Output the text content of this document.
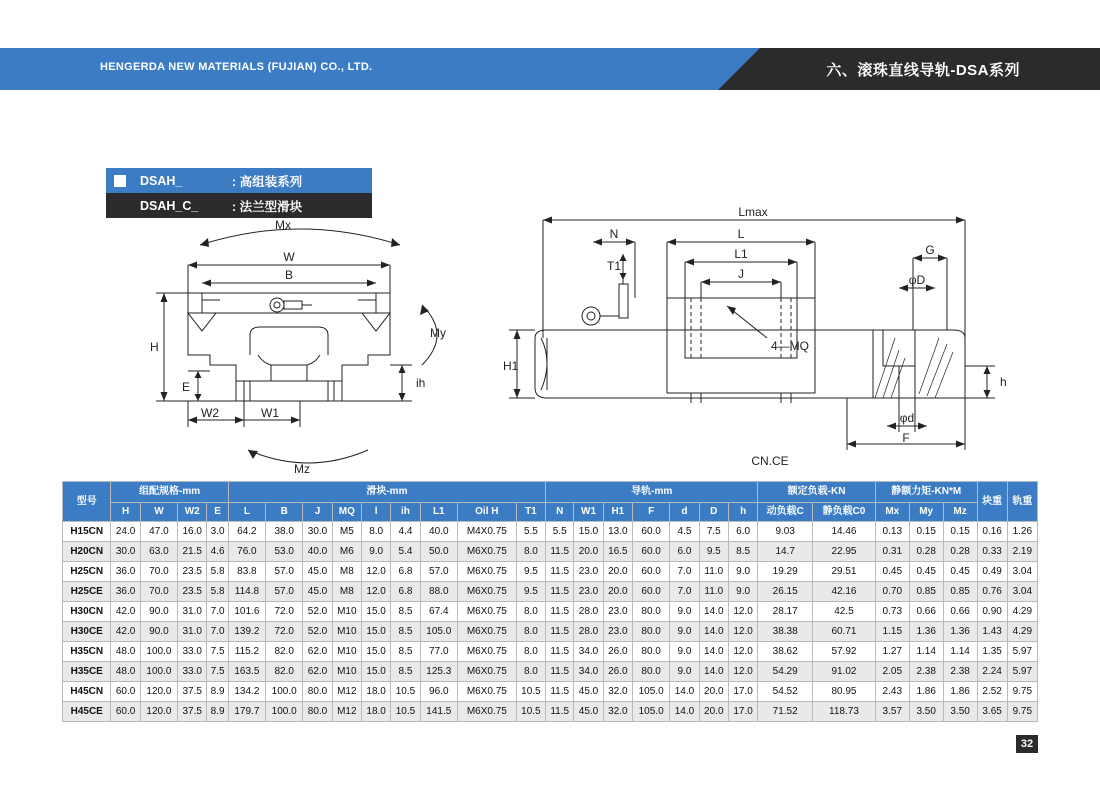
HENGERDA NEW MATERIALS (FUJIAN) CO., LTD.	六、滚珠直线导轨-DSA系列
DSAH_	: 高组装系列
DSAH_C_	: 法兰型滑块
Mx
W
B
H
E
W2	W1
ih
My
Mz
Lmax
N	L
L1
J
T1
4—MQ
H1
G
φD
h
φd
F
CN.CE
型号	组配规格-mm				滑块-mm									导轨-mm							额定负载-KN		静额力矩-KN*M			块重	轨重
	H	W	W2	E	L	B	J	MQ	l	ih	L1	Oil H	T1	N	W1	H1	F	d	D	h	动负载C	静负载C0	Mx	My	Mz		
H15CN	24.0	47.0	16.0	3.0	64.2	38.0	30.0	M5	8.0	4.4	40.0	M4X0.75	5.5	5.5	15.0	13.0	60.0	4.5	7.5	6.0	9.03	14.46	0.13	0.15	0.15	0.16	1.26
H20CN	30.0	63.0	21.5	4.6	76.0	53.0	40.0	M6	9.0	5.4	50.0	M6X0.75	8.0	11.5	20.0	16.5	60.0	6.0	9.5	8.5	14.7	22.95	0.31	0.28	0.28	0.33	2.19
H25CN	36.0	70.0	23.5	5.8	83.8	57.0	45.0	M8	12.0	6.8	57.0	M6X0.75	9.5	11.5	23.0	20.0	60.0	7.0	11.0	9.0	19.29	29.51	0.45	0.45	0.45	0.49	3.04
H25CE	36.0	70.0	23.5	5.8	114.8	57.0	45.0	M8	12.0	6.8	88.0	M6X0.75	9.5	11.5	23.0	20.0	60.0	7.0	11.0	9.0	26.15	42.16	0.70	0.85	0.85	0.76	3.04
H30CN	42.0	90.0	31.0	7.0	101.6	72.0	52.0	M10	15.0	8.5	67.4	M6X0.75	8.0	11.5	28.0	23.0	80.0	9.0	14.0	12.0	28.17	42.5	0.73	0.66	0.66	0.90	4.29
H30CE	42.0	90.0	31.0	7.0	139.2	72.0	52.0	M10	15.0	8.5	105.0	M6X0.75	8.0	11.5	28.0	23.0	80.0	9.0	14.0	12.0	38.38	60.71	1.15	1.36	1.36	1.43	4.29
H35CN	48.0	100.0	33.0	7.5	115.2	82.0	62.0	M10	15.0	8.5	77.0	M6X0.75	8.0	11.5	34.0	26.0	80.0	9.0	14.0	12.0	38.62	57.92	1.27	1.14	1.14	1.35	5.97
H35CE	48.0	100.0	33.0	7.5	163.5	82.0	62.0	M10	15.0	8.5	125.3	M6X0.75	8.0	11.5	34.0	26.0	80.0	9.0	14.0	12.0	54.29	91.02	2.05	2.38	2.38	2.24	5.97
H45CN	60.0	120.0	37.5	8.9	134.2	100.0	80.0	M12	18.0	10.5	96.0	M6X0.75	10.5	11.5	45.0	32.0	105.0	14.0	20.0	17.0	54.52	80.95	2.43	1.86	1.86	2.52	9.75
H45CE	60.0	120.0	37.5	8.9	179.7	100.0	80.0	M12	18.0	10.5	141.5	M6X0.75	10.5	11.5	45.0	32.0	105.0	14.0	20.0	17.0	71.52	118.73	3.57	3.50	3.50	3.65	9.75
32
